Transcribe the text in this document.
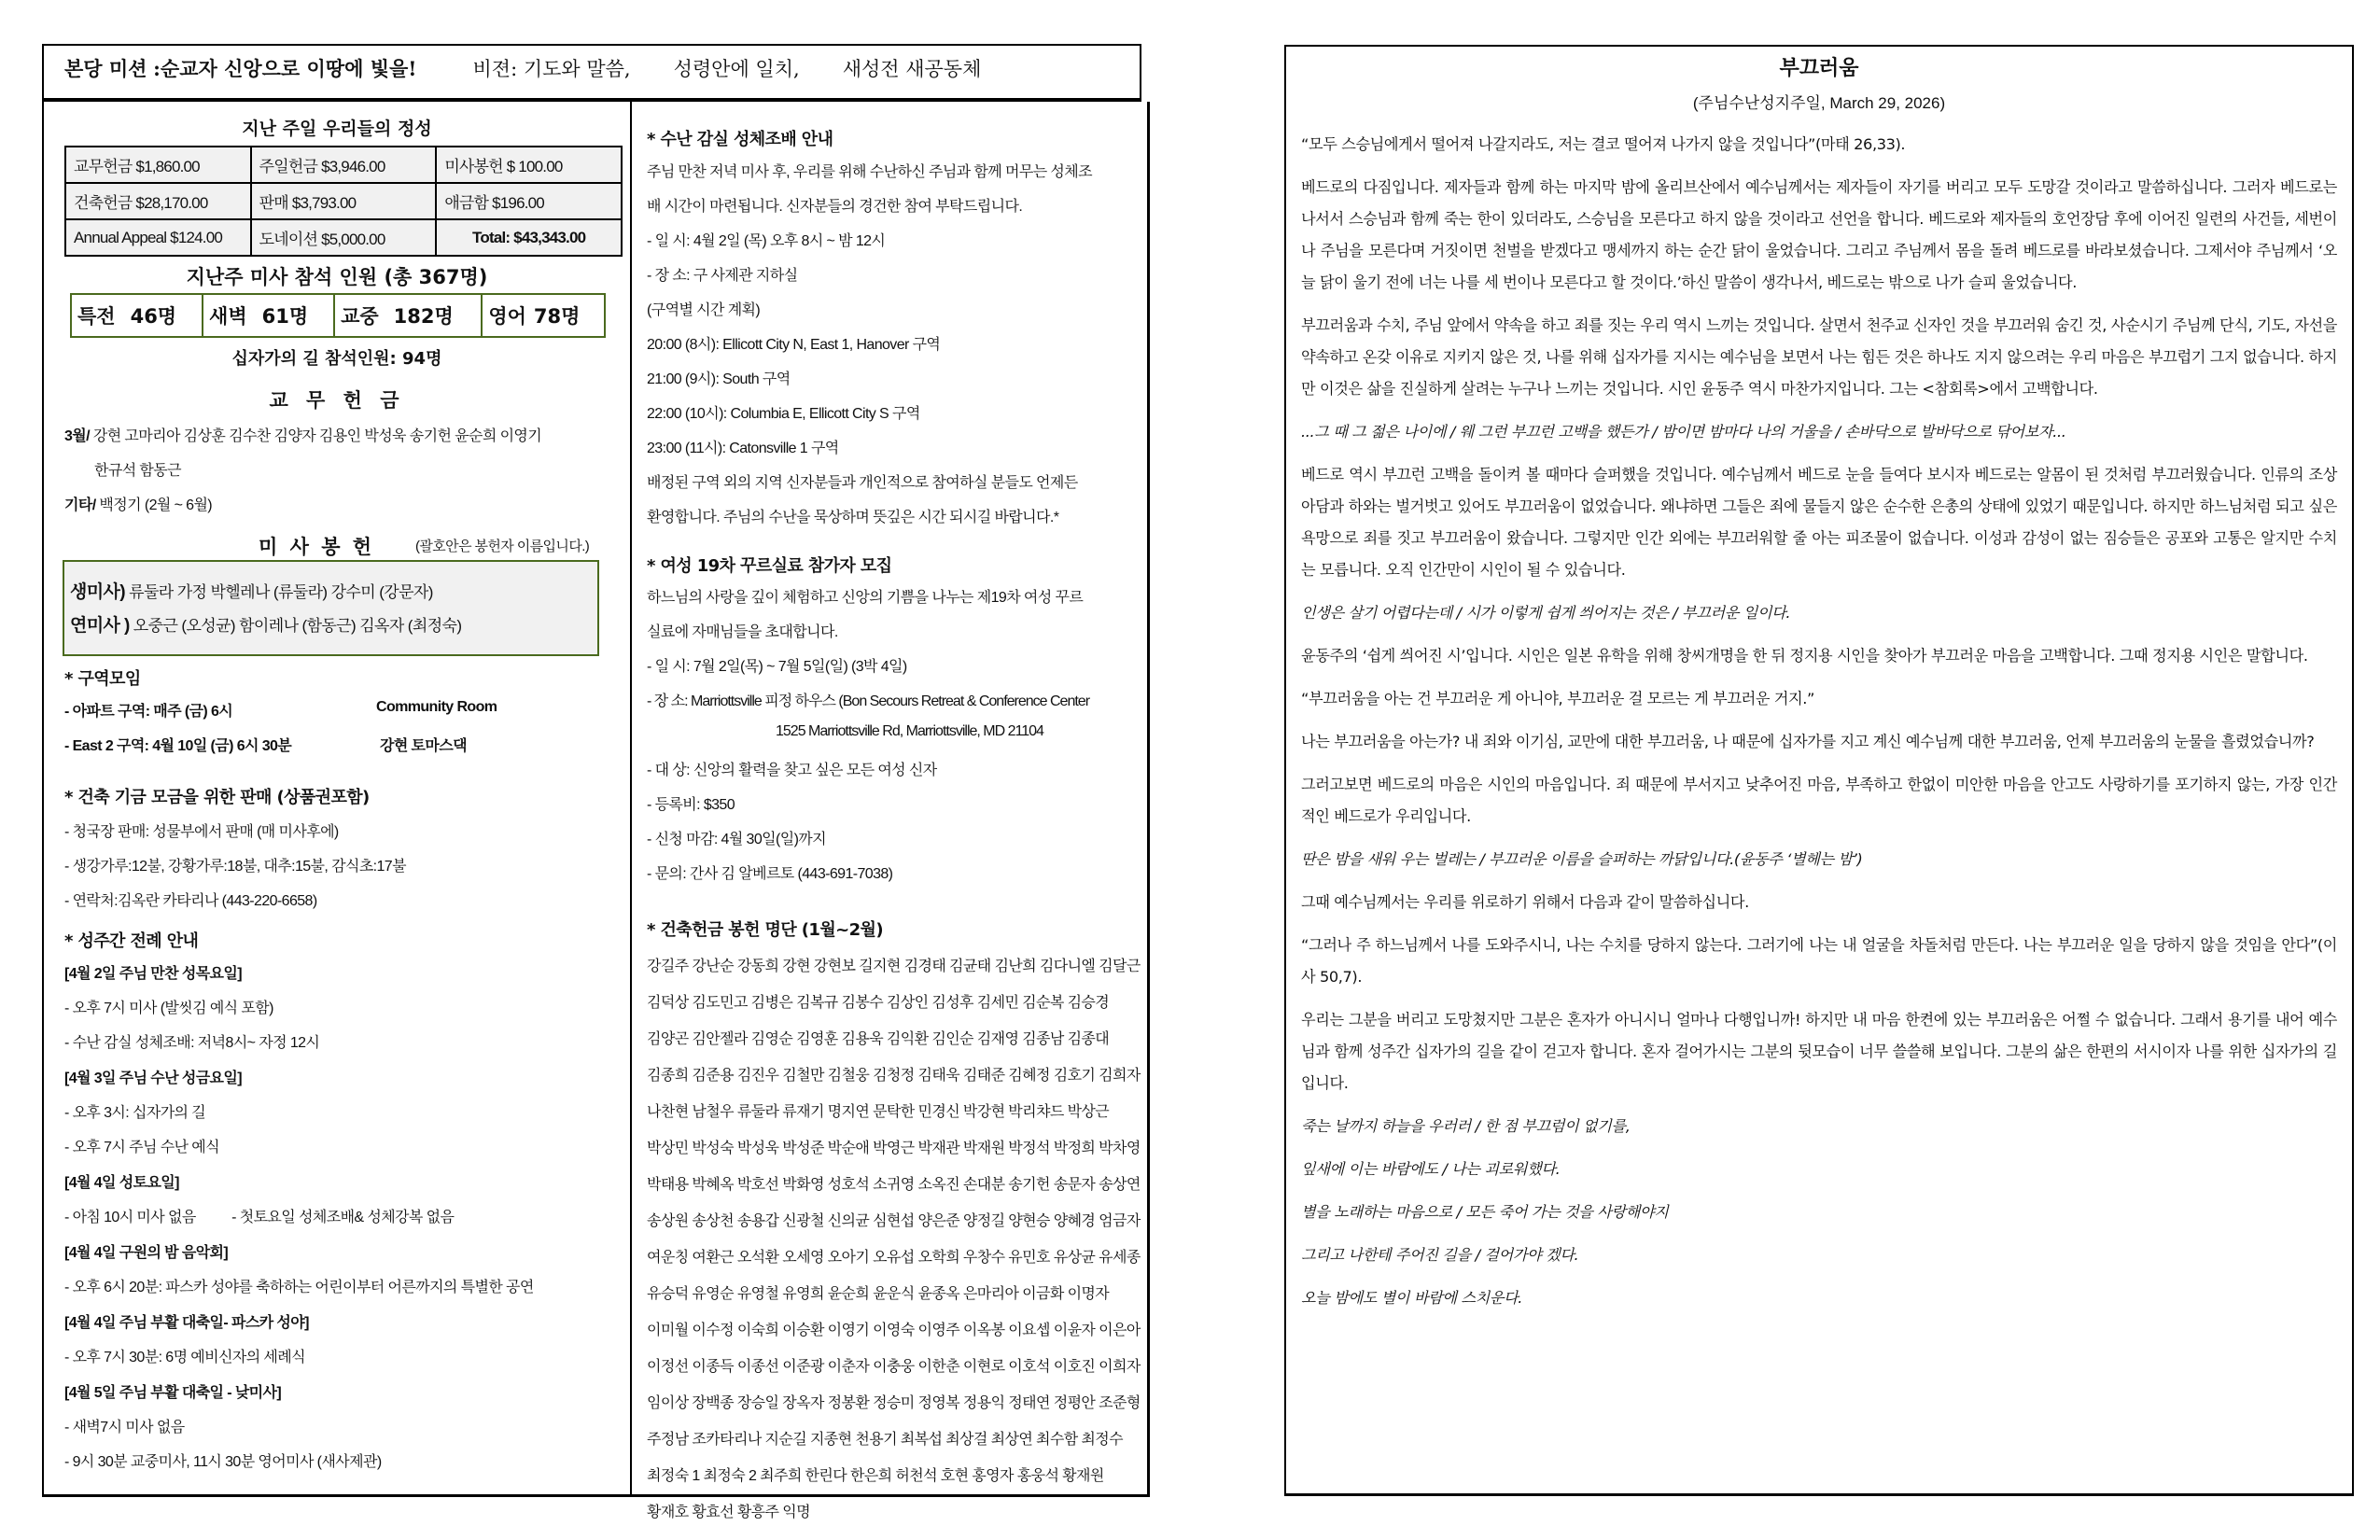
본당 미션
:순교자 신앙으로 이땅에 빛을!	비젼 : 기도와 말씀, 성령안에 일치, 새성전 새공동체
지난 주일 우리들의 정성
교무헌금 $1,860.00	주일헌금 $3,946.00	미사봉헌 $ 100.00
건축헌금 $28,170.00	판매 $3,793.00	애금함 $196.00
Annual Appeal $124.00	도네이션 $5,000.00	Total: $43,343.00
지난주 미사 참석 인원 (총 367명)
특전 46명	새벽 61명	교중 182명	영어 78명
십자가의 길 참석인원: 94명
교 무 헌 금
3월/ 강현 고마리아 김상훈 김수찬 김양자 김용인 박성욱 송기헌 윤순희 이영기
한규석 함동근
기타/ 백정기 (2월 ~ 6월)
미 사 봉 헌	(괄호안은 봉헌자 이름입니다.)
생미사) 류둘라 가정 박헬레나 (류둘라) 강수미 (강문자)
연미사 ) 오중근 (오성균) 함이레나 (함동근) 김옥자 (최정숙)
* 구역모임
- 아파트 구역: 매주 (금) 6시	Community Room
- East 2 구역: 4월 10일 (금) 6시 30분	강현 토마스댁
* 건축 기금 모금을 위한 판매 (상품권포함)
- 청국장 판매: 성물부에서 판매 (매 미사후에)
- 생강가루:12불, 강황가루:18불, 대추:15불, 감식초:17불
- 연락처:김옥란 카타리나 (443-220-6658)
* 성주간 전례 안내
[4월 2일 주님 만찬 성목요일]
- 오후 7시 미사 (발씻김 예식 포함)
- 수난 감실 성체조배: 저녁8시~ 자정 12시
[4월 3일 주님 수난 성금요일]
- 오후 3시: 십자가의 길
- 오후 7시 주님 수난 예식
[4월 4일 성토요일]
- 아침 10시 미사 없음          - 첫토요일 성체조배& 성체강복 없음
[4월 4일 구원의 밤 음악회]
- 오후 6시 20분: 파스카 성야를 축하하는 어린이부터 어른까지의 특별한 공연
[4월 4일 주님 부활 대축일- 파스카 성야]
- 오후 7시 30분: 6명 예비신자의 세례식
[4월 5일 주님 부활 대축일 - 낮미사]
- 새벽7시 미사 없음
- 9시 30분 교중미사, 11시 30분 영어미사 (새사제관)
* 수난 감실 성체조배 안내
주님 만찬 저녁 미사 후, 우리를 위해 수난하신 주님과 함께 머무는 성체조
배 시간이 마련됩니다. 신자분들의 경건한 참여 부탁드립니다.
- 일 시: 4월 2일 (목) 오후 8시 ~ 밤 12시
- 장 소: 구 사제관 지하실
(구역별 시간 계획)
20:00 (8시): Ellicott City N, East 1, Hanover 구역
21:00 (9시): South 구역
22:00 (10시): Columbia E, Ellicott City S 구역
23:00 (11시): Catonsville 1 구역
배정된 구역 외의 지역 신자분들과 개인적으로 참여하실 분들도 언제든
환영합니다. 주님의 수난을 묵상하며 뜻깊은 시간 되시길 바랍니다.*
* 여성 19차 꾸르실료 참가자 모집
하느님의 사랑을 깊이 체험하고 신앙의 기쁨을 나누는 제19차 여성 꾸르
실료에 자매님들을 초대합니다.
- 일 시: 7월 2일(목) ~ 7월 5일(일) (3박 4일)
- 장 소: Marriottsville 피정 하우스 (Bon Secours Retreat & Conference Center
1525 Marriottsville Rd, Marriottsville, MD 21104
- 대 상: 신앙의 활력을 찾고 싶은 모든 여성 신자
- 등록비: $350
- 신청 마감: 4월 30일(일)까지
- 문의: 간사 김 알베르토 (443-691-7038)
* 건축헌금 봉헌 명단 (1월~2월)
강길주 강난순 강동희 강현 강현보 길지현 김경태 김균태 김난희 김다니엘 김달근
김덕상 김도민고 김병은 김복규 김봉수 김상인 김성후 김세민 김순복 김승경
김양곤 김안젤라 김영순 김영훈 김용욱 김익환 김인순 김재영 김종남 김종대
김종희 김준용 김진우 김철만 김철웅 김청정 김태욱 김태준 김혜정 김호기 김희자
나찬현 남철우 류둘라 류재기 명지연 문탁한 민경신 박강현 박리챠드 박상근
박상민 박성숙 박성욱 박성준 박순애 박영근 박재관 박재원 박정석 박정희 박차영
박태용 박혜옥 박호선 박화영 성호석 소귀영 소옥진 손대분 송기헌 송문자 송상연
송상원 송상천 송용갑 신광철 신의균 심현섭 양은준 양정길 양현승 양혜경 엄금자
여운칭 여환근 오석환 오세영 오아기 오유섭 오학희 우창수 유민호 유상균 유세종
유승덕 유영순 유영철 유영희 윤순희 윤운식 윤종옥 은마리아 이금화 이명자
이미월 이수정 이숙희 이승환 이영기 이영숙 이영주 이옥봉 이요셉 이윤자 이은아
이정선 이종득 이종선 이준광 이춘자 이충웅 이한춘 이현로 이호석 이호진 이희자
임이상 장백종 장승일 장옥자 정봉환 정승미 정영복 정용익 정태연 정평안 조준형
주정남 조카타리나 지순길 지종현 천용기 최복섭 최상걸 최상연 최수함 최정수
최정숙 1 최정숙 2 최주희 한린다 한은희 허천석 호현 홍영자 홍웅석 황재원
황재호 황효선 황흥주 익명
부끄러움
(주님수난성지주일, March 29, 2026)

“모두 스승님에게서 떨어져 나갈지라도, 저는 결코 떨어져 나가지 않을 것입니다”(마태 26,33).

베드로의 다짐입니다. 제자들과 함께 하는 마지막 밤에 올리브산에서 예수님께서는 제자들이 자기를 버리고 모두 도망갈 것이라고 말씀하십니다. 그러자 베드로는 나서서 스승님과 함께 죽는 한이 있더라도, 스승님을 모른다고 하지 않을 것이라고 선언을 합니다. 베드로와 제자들의 호언장담 후에 이어진 일련의 사건들, 세번이나 주님을 모른다며 거짓이면 천벌을 받겠다고 맹세까지 하는 순간 닭이 울었습니다. 그리고 주님께서 몸을 돌려 베드로를 바라보셨습니다. 그제서야 주님께서 ‘오늘 닭이 울기 전에 너는 나를 세 번이나 모른다고 할 것이다.’하신 말씀이 생각나서, 베드로는 밖으로 나가 슬피 울었습니다.

부끄러움과 수치, 주님 앞에서 약속을 하고 죄를 짓는 우리 역시 느끼는 것입니다. 살면서 천주교 신자인 것을 부끄러워 숨긴 것, 사순시기 주님께 단식, 기도, 자선을 약속하고 온갖 이유로 지키지 않은 것, 나를 위해 십자가를 지시는 예수님을 보면서 나는 힘든 것은 하나도 지지 않으려는 우리 마음은 부끄럽기 그지 없습니다. 하지만 이것은 삶을 진실하게 살려는 누구나 느끼는 것입니다. 시인 윤동주 역시 마찬가지입니다. 그는 <참회록>에서 고백합니다.

...그 때 그 젊은 나이에 / 웨 그런 부끄런 고백을 했든가 / 밤이면 밤마다 나의 거울을 / 손바닥으로 발바닥으로 닦어보자...

베드로 역시 부끄런 고백을 돌이켜 볼 때마다 슬퍼했을 것입니다. 예수님께서 베드로 눈을 들여다 보시자 베드로는 알몸이 된 것처럼 부끄러웠습니다. 인류의 조상 아담과 하와는 벌거벗고 있어도 부끄러움이 없었습니다. 왜냐하면 그들은 죄에 물들지 않은 순수한 은총의 상태에 있었기 때문입니다. 하지만 하느님처럼 되고 싶은 욕망으로 죄를 짓고 부끄러움이 왔습니다. 그렇지만 인간 외에는 부끄러워할 줄 아는 피조물이 없습니다. 이성과 감성이 없는 짐승들은 공포와 고통은 알지만 수치는 모릅니다. 오직 인간만이 시인이 될 수 있습니다.

인생은 살기 어렵다는데 / 시가 이렇게 쉽게 씌어지는 것은 / 부끄러운 일이다.

윤동주의 ‘쉽게 씌어진 시’입니다. 시인은 일본 유학을 위해 창씨개명을 한 뒤 정지용 시인을 찾아가 부끄러운 마음을 고백합니다. 그때 정지용 시인은 말합니다.

“부끄러움을 아는 건 부끄러운 게 아니야, 부끄러운 걸 모르는 게 부끄러운 거지.”

나는 부끄러움을 아는가? 내 죄와 이기심, 교만에 대한 부끄러움, 나 때문에 십자가를 지고 계신 예수님께 대한 부끄러움, 언제 부끄러움의 눈물을 흘렸었습니까?

그러고보면 베드로의 마음은 시인의 마음입니다. 죄 때문에 부서지고 낮추어진 마음, 부족하고 한없이 미안한 마음을 안고도 사랑하기를 포기하지 않는, 가장 인간적인 베드로가 우리입니다.

딴은 밤을 새워 우는 벌레는 / 부끄러운 이름을 슬퍼하는 까닭입니다.(윤동주 ‘별헤는 밤’)

그때 예수님께서는 우리를 위로하기 위해서 다음과 같이 말씀하십니다.

“그러나 주 하느님께서 나를 도와주시니, 나는 수치를 당하지 않는다. 그러기에 나는 내 얼굴을 차돌처럼 만든다. 나는 부끄러운 일을 당하지 않을 것임을 안다”(이사 50,7).

우리는 그분을 버리고 도망쳤지만 그분은 혼자가 아니시니 얼마나 다행입니까! 하지만 내 마음 한켠에 있는 부끄러움은 어쩔 수 없습니다. 그래서 용기를 내어 예수님과 함께 성주간 십자가의 길을 같이 걷고자 합니다. 혼자 걸어가시는 그분의 뒷모습이 너무 쓸쓸해 보입니다. 그분의 삶은 한편의 서시이자 나를 위한 십자가의 길입니다.

죽는 날까지 하늘을 우러러 / 한 점 부끄럼이 없기를,

잎새에 이는 바람에도 / 나는 괴로워했다.

별을 노래하는 마음으로 / 모든 죽어 가는 것을 사랑해야지

그리고 나한테 주어진 길을 / 걸어가야 겠다.

오늘 밤에도 별이 바람에 스치운다.
